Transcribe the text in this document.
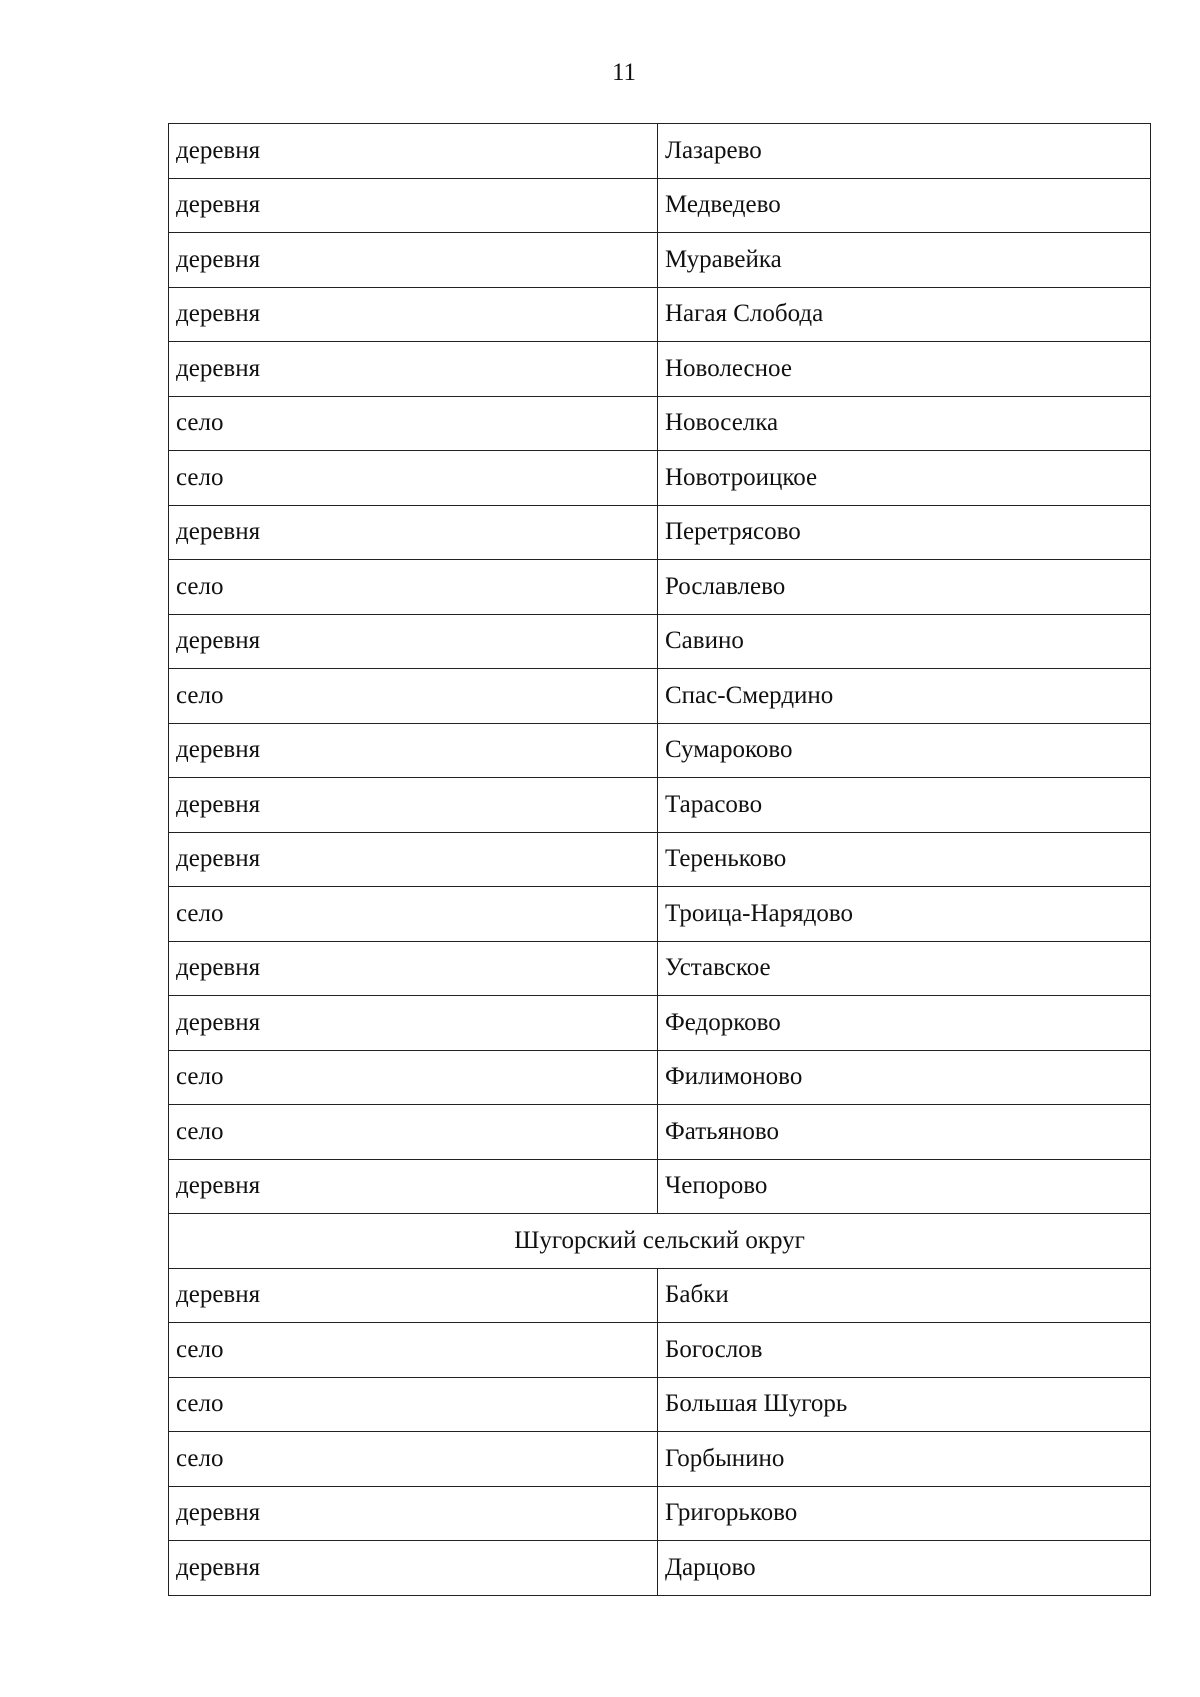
11
деревня	Лазарево
деревня	Медведево
деревня	Муравейка
деревня	Нагая Слобода
деревня	Новолесное
село	Новоселка
село	Новотроицкое
деревня	Перетрясово
село	Рославлево
деревня	Савино
село	Спас-Смердино
деревня	Сумароково
деревня	Тарасово
деревня	Тереньково
село	Троица-Нарядово
деревня	Уставское
деревня	Федорково
село	Филимоново
село	Фатьяново
деревня	Чепорово
Шугорский сельский округ	
деревня	Бабки
село	Богослов
село	Большая Шугорь
село	Горбынино
деревня	Григорьково
деревня	Дарцово
